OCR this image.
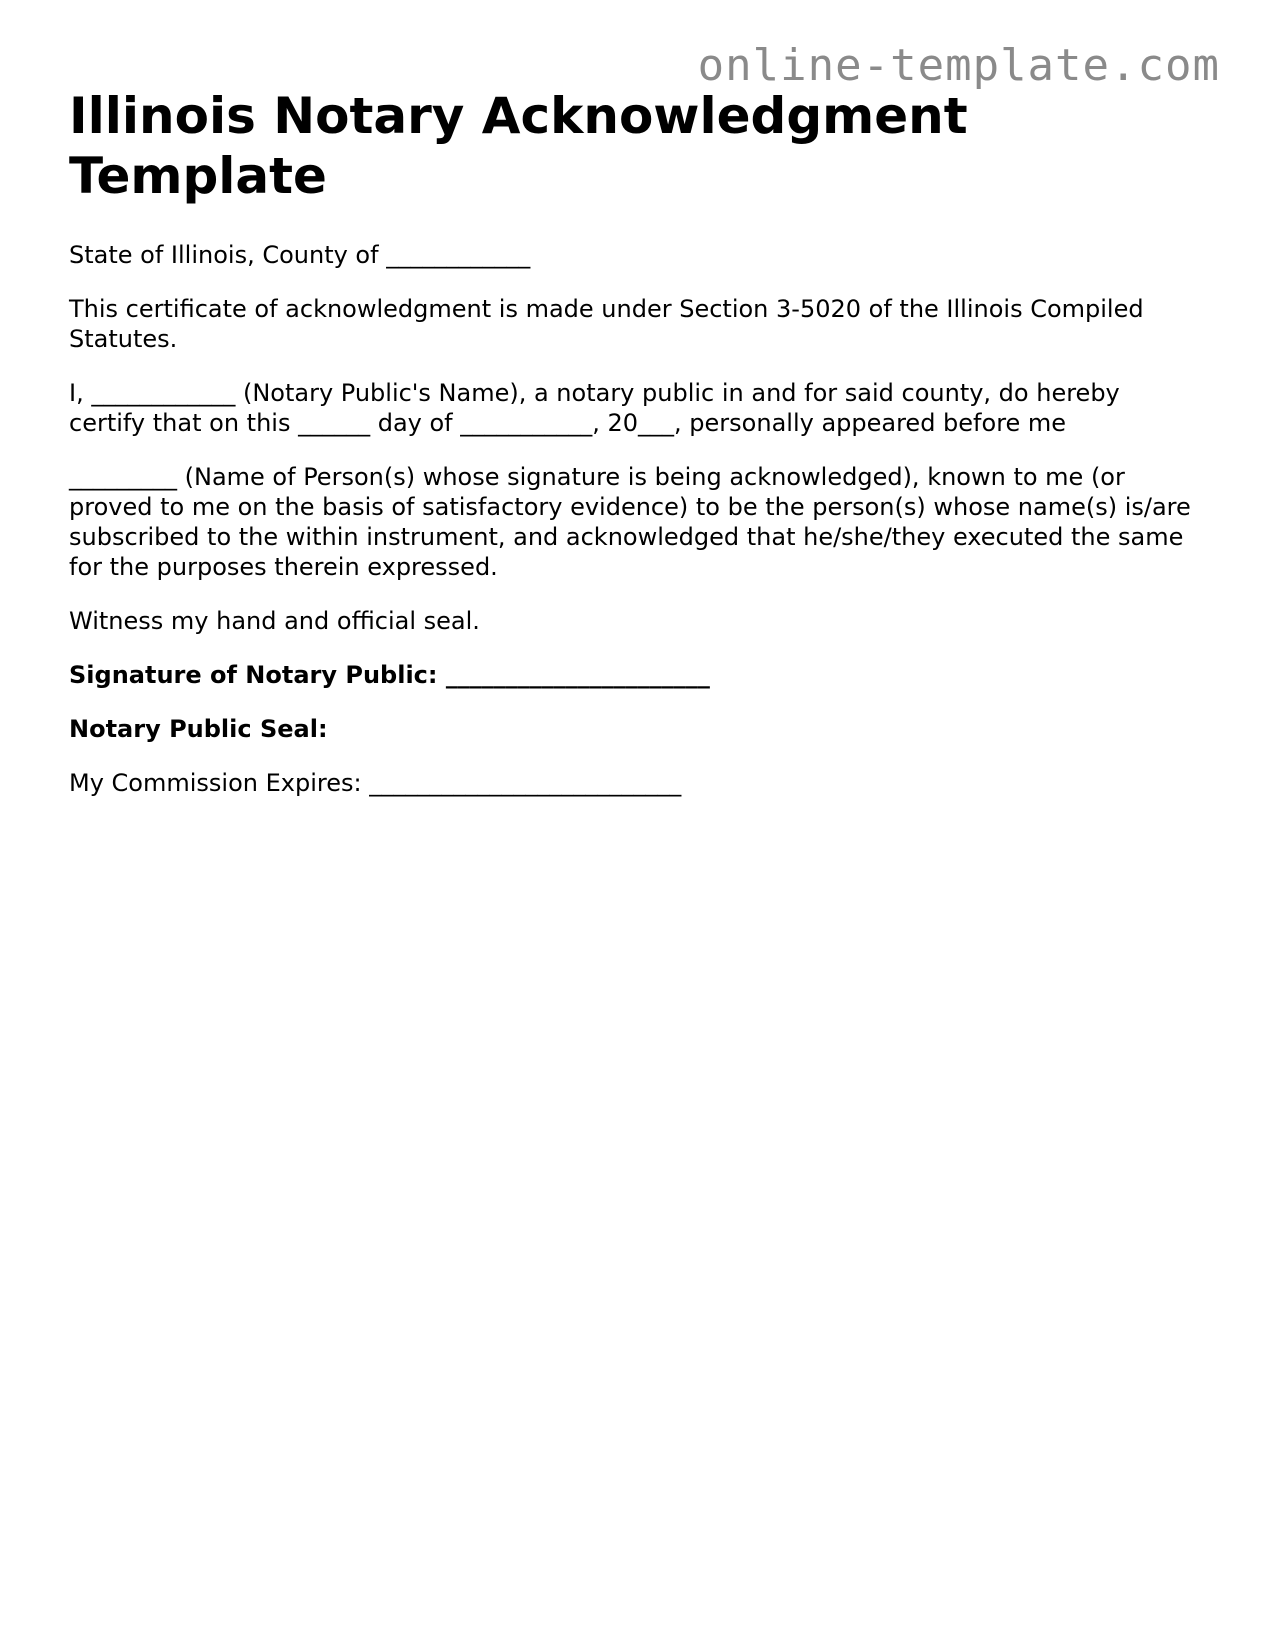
online-template.com
Illinois Notary Acknowledgment Template

State of Illinois, County of ____________

This certificate of acknowledgment is made under Section 3-5020 of the Illinois Compiled Statutes.

I, ____________ (Notary Public's Name), a notary public in and for said county, do hereby certify that on this ______ day of ___________, 20___, personally appeared before me

_________ (Name of Person(s) whose signature is being acknowledged), known to me (or proved to me on the basis of satisfactory evidence) to be the person(s) whose name(s) is/are subscribed to the within instrument, and acknowledged that he/she/they executed the same for the purposes therein expressed.

Witness my hand and official seal.

Signature of Notary Public: ______________________

Notary Public Seal:

My Commission Expires: __________________________
